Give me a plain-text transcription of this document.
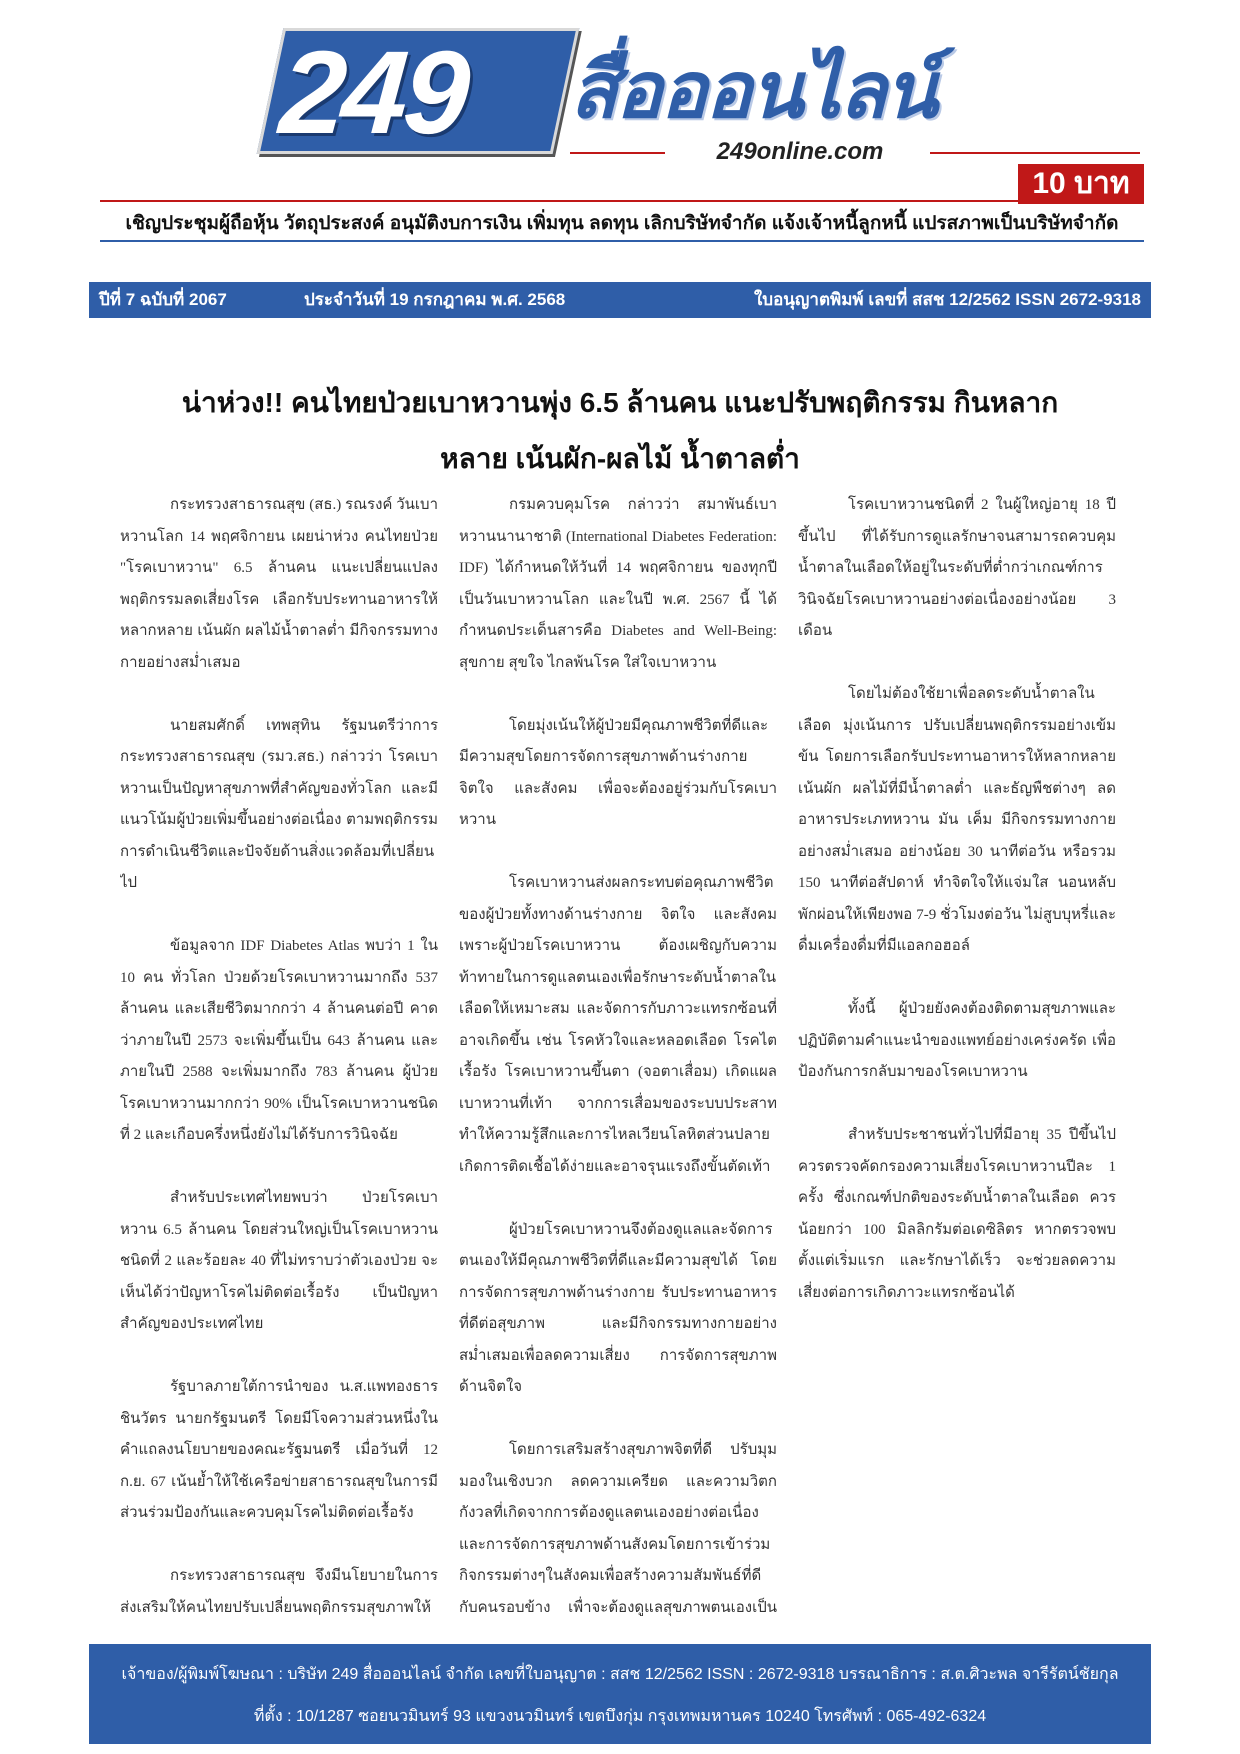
249 สื่อออนไลน์
249online.com
10 บาท
เชิญประชุมผู้ถือหุ้น วัตถุประสงค์ อนุมัติงบการเงิน เพิ่มทุน ลดทุน เลิกบริษัทจำกัด แจ้งเจ้าหนี้ลูกหนี้ แปรสภาพเป็นบริษัทจำกัด
ปีที่ 7 ฉบับที่ 2067	ประจำวันที่ 19 กรกฎาคม พ.ศ. 2568	ใบอนุญาตพิมพ์ เลขที่ สสช 12/2562 ISSN 2672-9318
น่าห่วง!! คนไทยป่วยเบาหวานพุ่ง 6.5 ล้านคน แนะปรับพฤติกรรม กินหลาก
หลาย เน้นผัก-ผลไม้ น้ำตาลต่ำ

กระทรวงสาธารณสุข (สธ.) รณรงค์ วันเบาหวานโลก 14 พฤศจิกายน เผยน่าห่วง คนไทยป่วย "โรคเบาหวาน" 6.5 ล้านคน แนะเปลี่ยนแปลงพฤติกรรมลดเสี่ยงโรค เลือกรับประทานอาหารให้หลากหลาย เน้นผัก ผลไม้น้ำตาลต่ำ มีกิจกรรมทางกายอย่างสม่ำเสมอ

นายสมศักดิ์ เทพสุทิน รัฐมนตรีว่าการกระทรวงสาธารณสุข (รมว.สธ.) กล่าวว่า โรคเบาหวานเป็นปัญหาสุขภาพที่สำคัญของทั่วโลก และมีแนวโน้มผู้ป่วยเพิ่มขึ้นอย่างต่อเนื่อง ตามพฤติกรรมการดำเนินชีวิตและปัจจัยด้านสิ่งแวดล้อมที่เปลี่ยนไป

ข้อมูลจาก IDF Diabetes Atlas พบว่า 1 ใน 10 คน ทั่วโลก ป่วยด้วยโรคเบาหวานมากถึง 537 ล้านคน และเสียชีวิตมากกว่า 4 ล้านคนต่อปี คาดว่าภายในปี 2573 จะเพิ่มขึ้นเป็น 643 ล้านคน และภายในปี 2588 จะเพิ่มมากถึง 783 ล้านคน ผู้ป่วยโรคเบาหวานมากกว่า 90% เป็นโรคเบาหวานชนิดที่ 2 และเกือบครึ่งหนึ่งยังไม่ได้รับการวินิจฉัย

สำหรับประเทศไทยพบว่า ป่วยโรคเบาหวาน 6.5 ล้านคน โดยส่วนใหญ่เป็นโรคเบาหวานชนิดที่ 2 และร้อยละ 40 ที่ไม่ทราบว่าตัวเองป่วย จะเห็นได้ว่าปัญหาโรคไม่ติดต่อเรื้อรัง เป็นปัญหาสำคัญของประเทศไทย

รัฐบาลภายใต้การนำของ น.ส.แพทองธาร ชินวัตร นายกรัฐมนตรี โดยมีโจความส่วนหนึ่งในคำแถลงนโยบายของคณะรัฐมนตรี เมื่อวันที่ 12 ก.ย. 67 เน้นย้ำให้ใช้เครือข่ายสาธารณสุขในการมีส่วนร่วมป้องกันและควบคุมโรคไม่ติดต่อเรื้อรัง

กระทรวงสาธารณสุข จึงมีนโยบายในการส่งเสริมให้คนไทยปรับเปลี่ยนพฤติกรรมสุขภาพให้

กรมควบคุมโรค กล่าวว่า สมาพันธ์เบาหวานนานาชาติ (International Diabetes Federation: IDF) ได้กำหนดให้วันที่ 14 พฤศจิกายน ของทุกปี เป็นวันเบาหวานโลก และในปี พ.ศ. 2567 นี้ ได้กำหนดประเด็นสารคือ Diabetes and Well-Being: สุขกาย สุขใจ ไกลพ้นโรค ใส่ใจเบาหวาน

โดยมุ่งเน้นให้ผู้ป่วยมีคุณภาพชีวิตที่ดีและมีความสุขโดยการจัดการสุขภาพด้านร่างกาย จิตใจ และสังคม เพื่อจะต้องอยู่ร่วมกับโรคเบาหวาน

โรคเบาหวานส่งผลกระทบต่อคุณภาพชีวิตของผู้ป่วยทั้งทางด้านร่างกาย จิตใจ และสังคม เพราะผู้ป่วยโรคเบาหวาน ต้องเผชิญกับความท้าทายในการดูแลตนเองเพื่อรักษาระดับน้ำตาลในเลือดให้เหมาะสม และจัดการกับภาวะแทรกซ้อนที่อาจเกิดขึ้น เช่น โรคหัวใจและหลอดเลือด โรคไตเรื้อรัง โรคเบาหวานขึ้นตา (จอตาเสื่อม) เกิดแผลเบาหวานที่เท้า จากการเสื่อมของระบบประสาททำให้ความรู้สึกและการไหลเวียนโลหิตส่วนปลาย เกิดการติดเชื้อได้ง่ายและอาจรุนแรงถึงขั้นตัดเท้า

ผู้ป่วยโรคเบาหวานจึงต้องดูแลและจัดการตนเองให้มีคุณภาพชีวิตที่ดีและมีความสุขได้ โดย การจัดการสุขภาพด้านร่างกาย รับประทานอาหารที่ดีต่อสุขภาพ และมีกิจกรรมทางกายอย่างสม่ำเสมอเพื่อลดความเสี่ยง การจัดการสุขภาพด้านจิตใจ

โดยการเสริมสร้างสุขภาพจิตที่ดี ปรับมุมมองในเชิงบวก ลดความเครียด และความวิตกกังวลที่เกิดจากการต้องดูแลตนเองอย่างต่อเนื่อง และการจัดการสุขภาพด้านสังคมโดยการเข้าร่วมกิจกรรมต่างๆในสังคมเพื่อสร้างความสัมพันธ์ที่ดีกับคนรอบข้าง เพื่าจะต้องดูแลสุขภาพตนเองเป็น

โรคเบาหวานชนิดที่ 2 ในผู้ใหญ่อายุ 18 ปีขึ้นไป ที่ได้รับการดูแลรักษาจนสามารถควบคุมน้ำตาลในเลือดให้อยู่ในระดับที่ต่ำกว่าเกณฑ์การวินิจฉัยโรคเบาหวานอย่างต่อเนื่องอย่างน้อย 3 เดือน

โดยไม่ต้องใช้ยาเพื่อลดระดับน้ำตาลในเลือด มุ่งเน้นการ ปรับเปลี่ยนพฤติกรรมอย่างเข้มข้น โดยการเลือกรับประทานอาหารให้หลากหลาย เน้นผัก ผลไม้ที่มีน้ำตาลต่ำ และธัญพืชต่างๆ ลดอาหารประเภทหวาน มัน เค็ม มีกิจกรรมทางกายอย่างสม่ำเสมอ อย่างน้อย 30 นาทีต่อวัน หรือรวม 150 นาทีต่อสัปดาห์ ทำจิตใจให้แจ่มใส นอนหลับพักผ่อนให้เพียงพอ 7-9 ชั่วโมงต่อวัน ไม่สูบบุหรี่และดื่มเครื่องดื่มที่มีแอลกอฮอล์

ทั้งนี้ ผู้ป่วยยังคงต้องติดตามสุขภาพและปฏิบัติตามคำแนะนำของแพทย์อย่างเคร่งครัด เพื่อป้องกันการกลับมาของโรคเบาหวาน

สำหรับประชาชนทั่วไปที่มีอายุ 35 ปีขึ้นไป ควรตรวจคัดกรองความเสี่ยงโรคเบาหวานปีละ 1 ครั้ง ซึ่งเกณฑ์ปกติของระดับน้ำตาลในเลือด ควรน้อยกว่า 100 มิลลิกรัมต่อเดซิลิตร หากตรวจพบตั้งแต่เริ่มแรก และรักษาได้เร็ว จะช่วยลดความเสี่ยงต่อการเกิดภาวะแทรกซ้อนได้

เจ้าของ/ผู้พิมพ์โฆษณา : บริษัท 249 สื่อออนไลน์ จำกัด เลขที่ใบอนุญาต : สสช 12/2562 ISSN : 2672-9318 บรรณาธิการ : ส.ต.ศิวะพล จารีรัตน์ชัยกุล
ที่ตั้ง : 10/1287 ซอยนวมินทร์ 93 แขวงนวมินทร์ เขตบึงกุ่ม กรุงเทพมหานคร 10240 โทรศัพท์ : 065-492-6324
